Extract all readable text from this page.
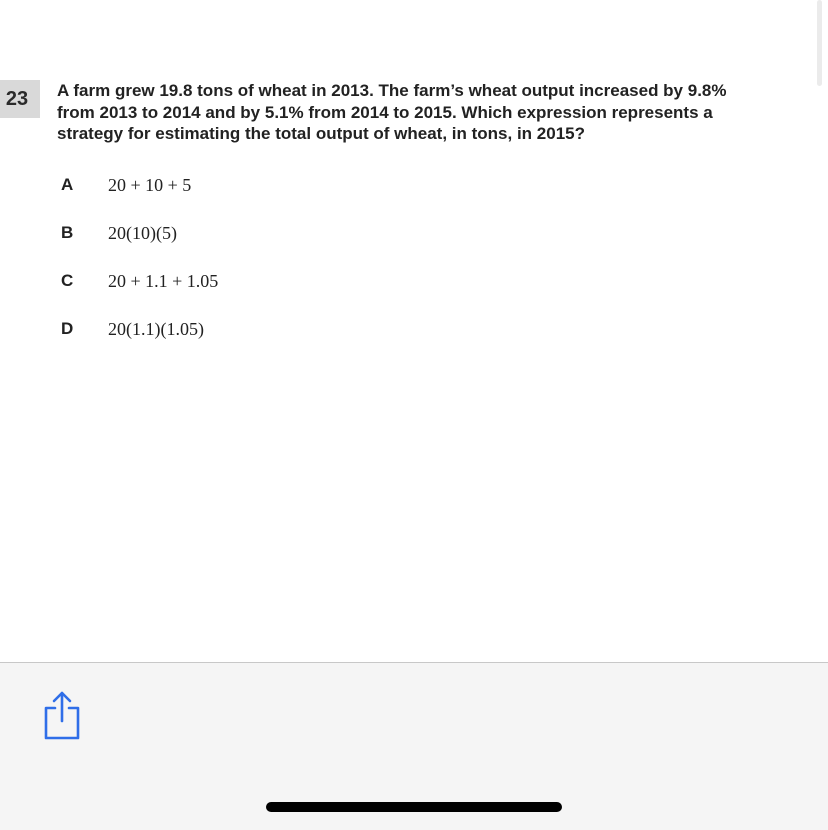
23	A farm grew 19.8 tons of wheat in 2013. The farm’s wheat output increased by 9.8% from 2013 to 2014 and by 5.1% from 2014 to 2015. Which expression represents a strategy for estimating the total output of wheat, in tons, in 2015?
A 20 + 10 + 5
B 20(10)(5)
C 20 + 1.1 + 1.05
D 20(1.1)(1.05)
